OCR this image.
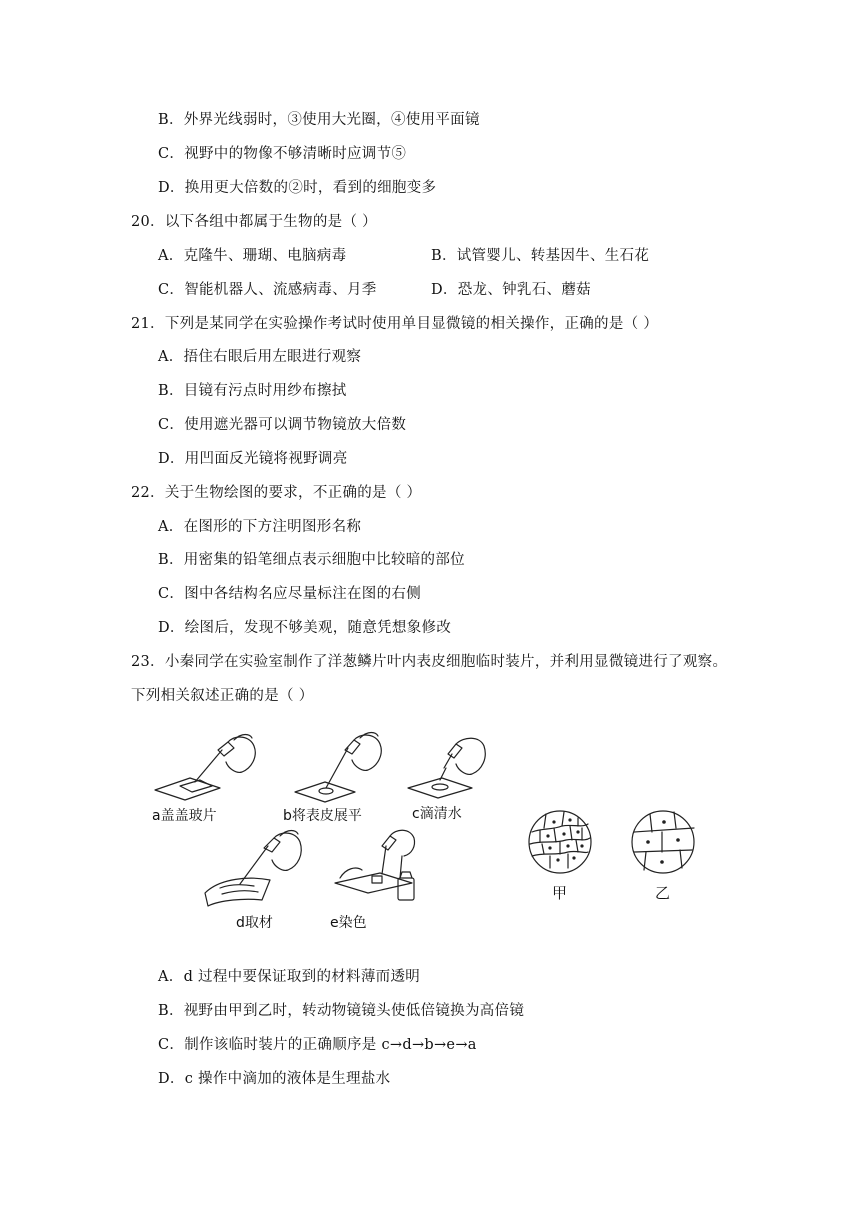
B．外界光线弱时，③使用大光圈，④使用平面镜
C．视野中的物像不够清晰时应调节⑤
D．换用更大倍数的②时，看到的细胞变多
20．以下各组中都属于生物的是（ ）
A．克隆牛、珊瑚、电脑病毒	B．试管婴儿、转基因牛、生石花
C．智能机器人、流感病毒、月季	D．恐龙、钟乳石、蘑菇
21．下列是某同学在实验操作考试时使用单目显微镜的相关操作，正确的是（ ）
A．捂住右眼后用左眼进行观察
B．目镜有污点时用纱布擦拭
C．使用遮光器可以调节物镜放大倍数
D．用凹面反光镜将视野调亮
22．关于生物绘图的要求，不正确的是（ ）
A．在图形的下方注明图形名称
B．用密集的铅笔细点表示细胞中比较暗的部位
C．图中各结构名应尽量标注在图的右侧
D．绘图后，发现不够美观，随意凭想象修改
23．小秦同学在实验室制作了洋葱鳞片叶内表皮细胞临时装片，并利用显微镜进行了观察。
下列相关叙述正确的是（ ）
a盖盖玻片	b将表皮展平	c滴清水
d取材	e染色
甲	乙
A．d 过程中要保证取到的材料薄而透明
B．视野由甲到乙时，转动物镜镜头使低倍镜换为高倍镜
C．制作该临时装片的正确顺序是 c→d→b→e→a
D．c 操作中滴加的液体是生理盐水
